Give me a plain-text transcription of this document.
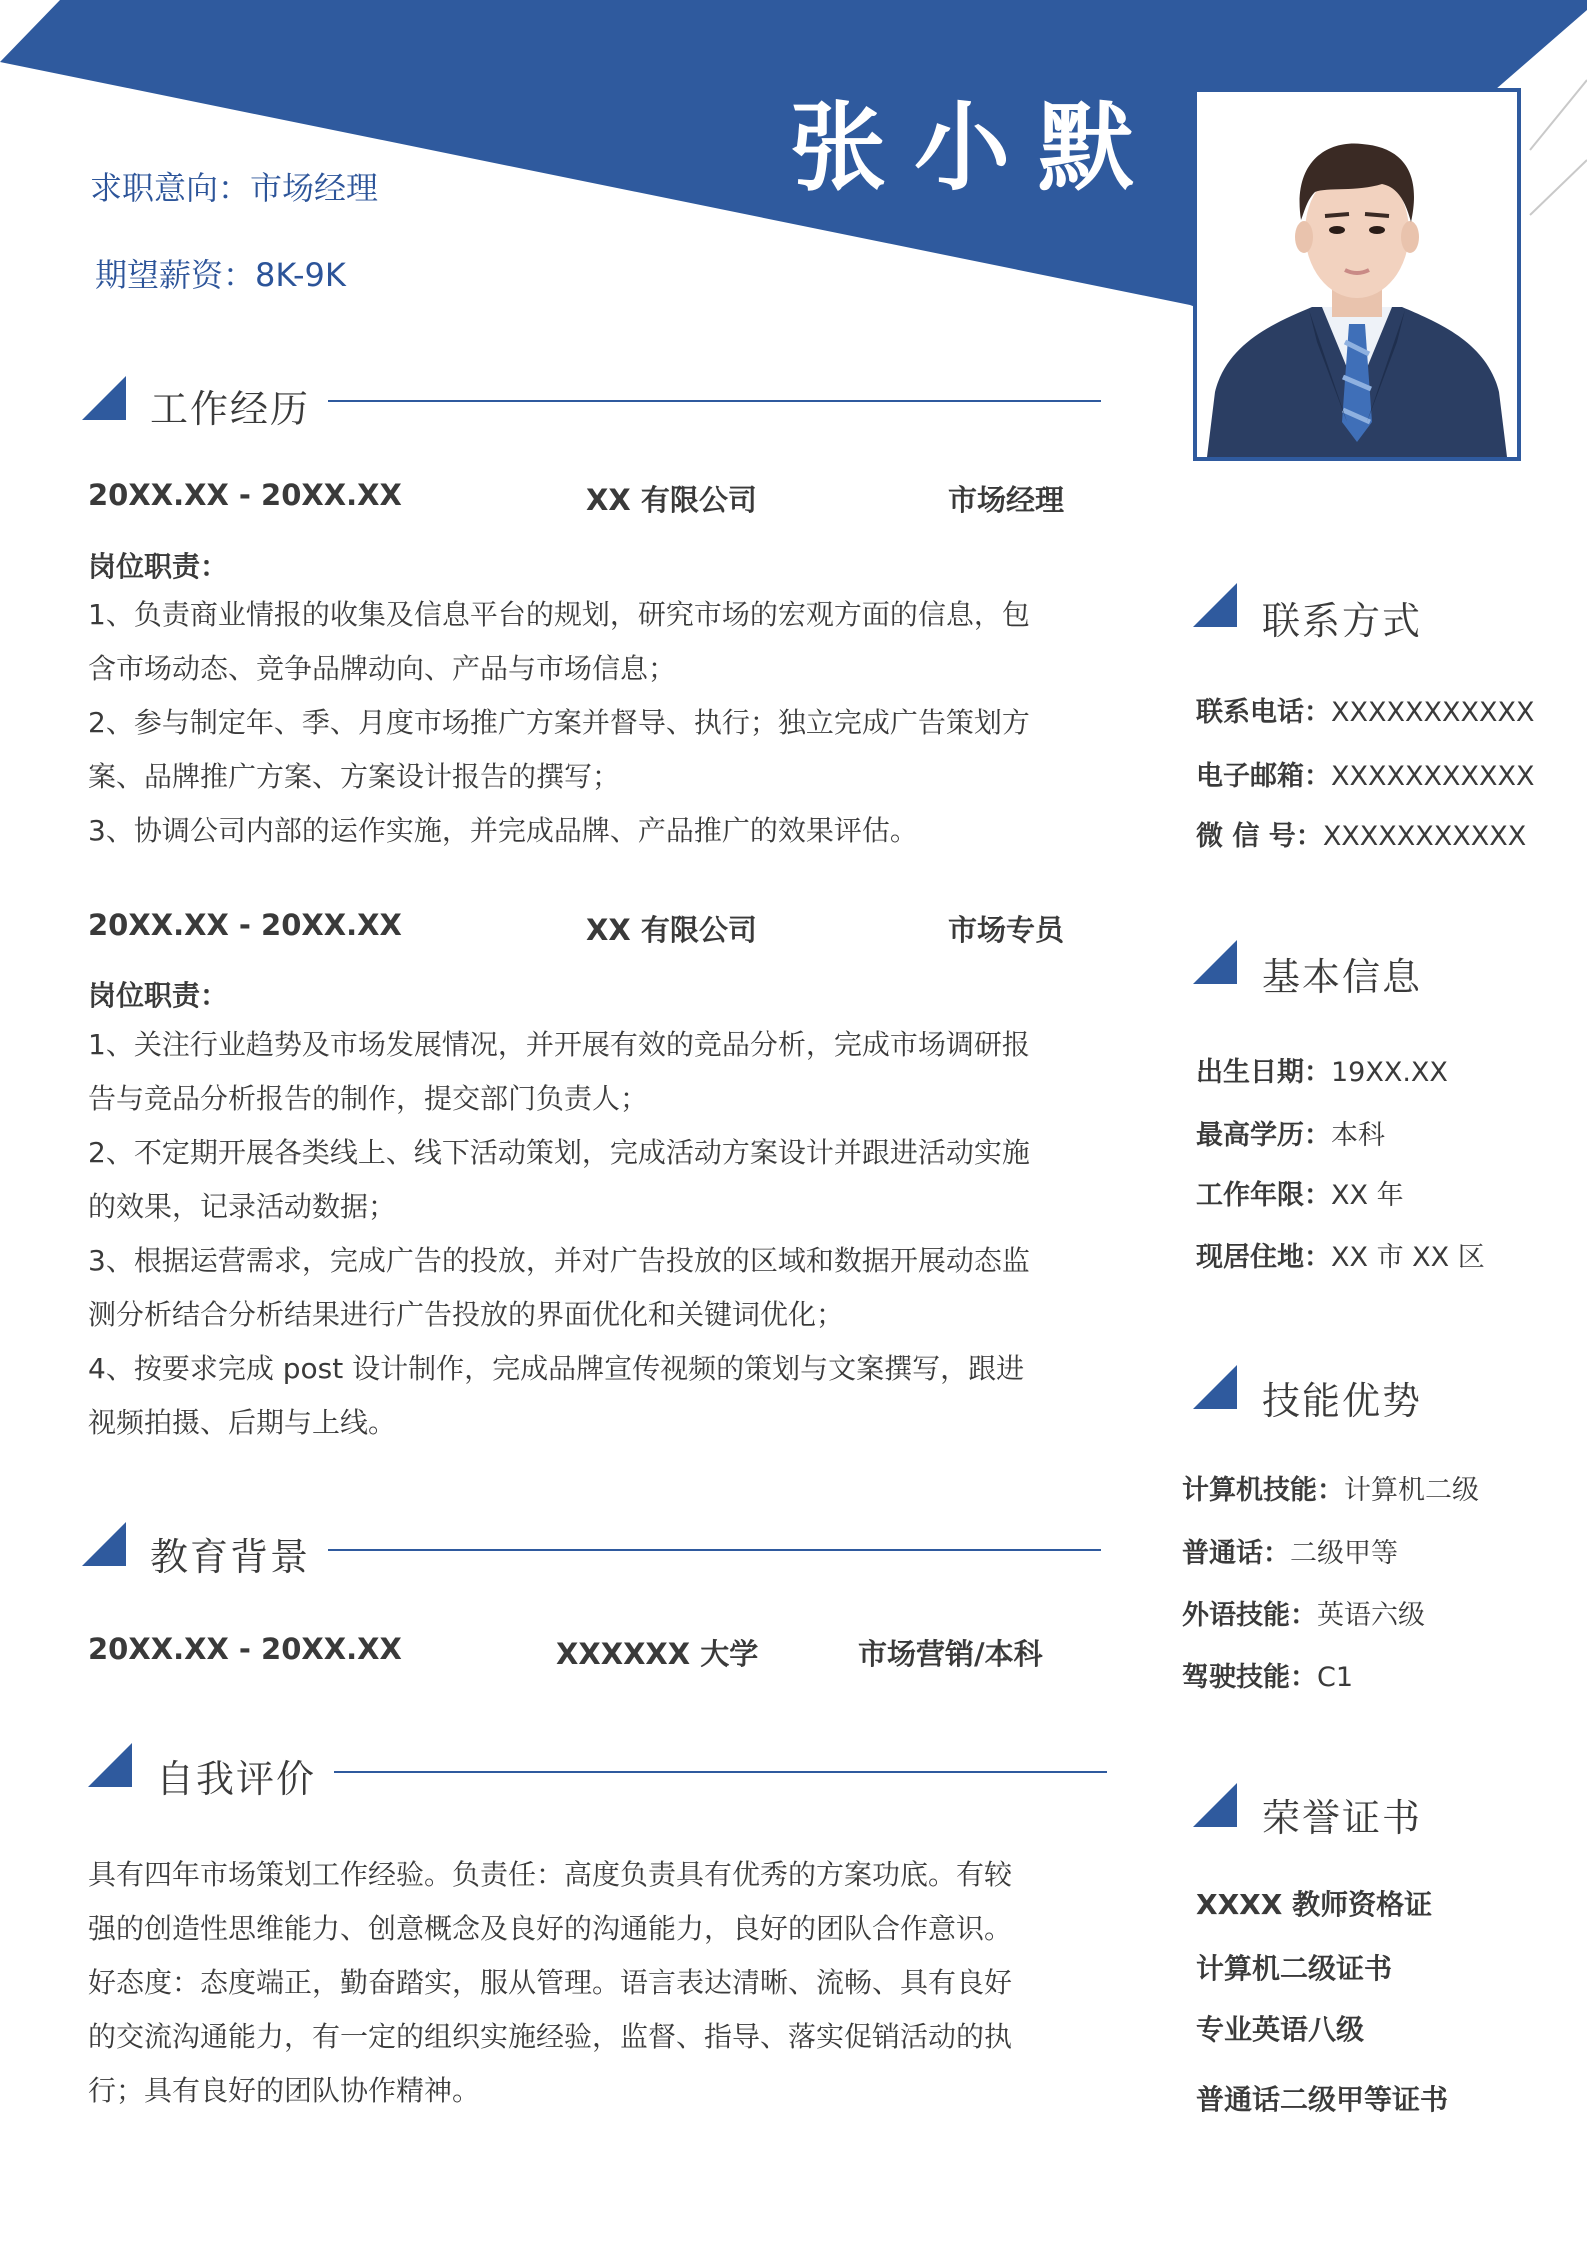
张小默
求职意向：市场经理
期望薪资：8K-9K
工作经历
20XX.XX - 20XX.XX	XX 有限公司	市场经理
岗位职责：

1、负责商业情报的收集及信息平台的规划，研究市场的宏观方面的信息，包

含市场动态、竞争品牌动向、产品与市场信息；

2、参与制定年、季、月度市场推广方案并督导、执行；独立完成广告策划方

案、品牌推广方案、方案设计报告的撰写；

3、协调公司内部的运作实施，并完成品牌、产品推广的效果评估。

20XX.XX - 20XX.XX	XX 有限公司	市场专员
岗位职责：

1、关注行业趋势及市场发展情况，并开展有效的竞品分析，完成市场调研报

告与竞品分析报告的制作，提交部门负责人；

2、不定期开展各类线上、线下活动策划，完成活动方案设计并跟进活动实施

的效果，记录活动数据；

3、根据运营需求，完成广告的投放，并对广告投放的区域和数据开展动态监

测分析结合分析结果进行广告投放的界面优化和关键词优化；

4、按要求完成 post 设计制作，完成品牌宣传视频的策划与文案撰写，跟进

视频拍摄、后期与上线。

教育背景
20XX.XX - 20XX.XX	XXXXXX 大学	市场营销/本科
自我评价

具有四年市场策划工作经验。负责任：高度负责具有优秀的方案功底。有较

强的创造性思维能力、创意概念及良好的沟通能力，良好的团队合作意识。

好态度：态度端正，勤奋踏实，服从管理。语言表达清晰、流畅、具有良好

的交流沟通能力，有一定的组织实施经验，监督、指导、落实促销活动的执

行；具有良好的团队协作精神。

联系方式
联系电话：XXXXXXXXXXX
电子邮箱：XXXXXXXXXXX
微 信 号：XXXXXXXXXXX
基本信息
出生日期：19XX.XX
最高学历：本科
工作年限：XX 年
现居住地：XX 市 XX 区
技能优势
计算机技能：计算机二级
普通话：二级甲等
外语技能：英语六级
驾驶技能：C1
荣誉证书
XXXX 教师资格证
计算机二级证书
专业英语八级
普通话二级甲等证书
